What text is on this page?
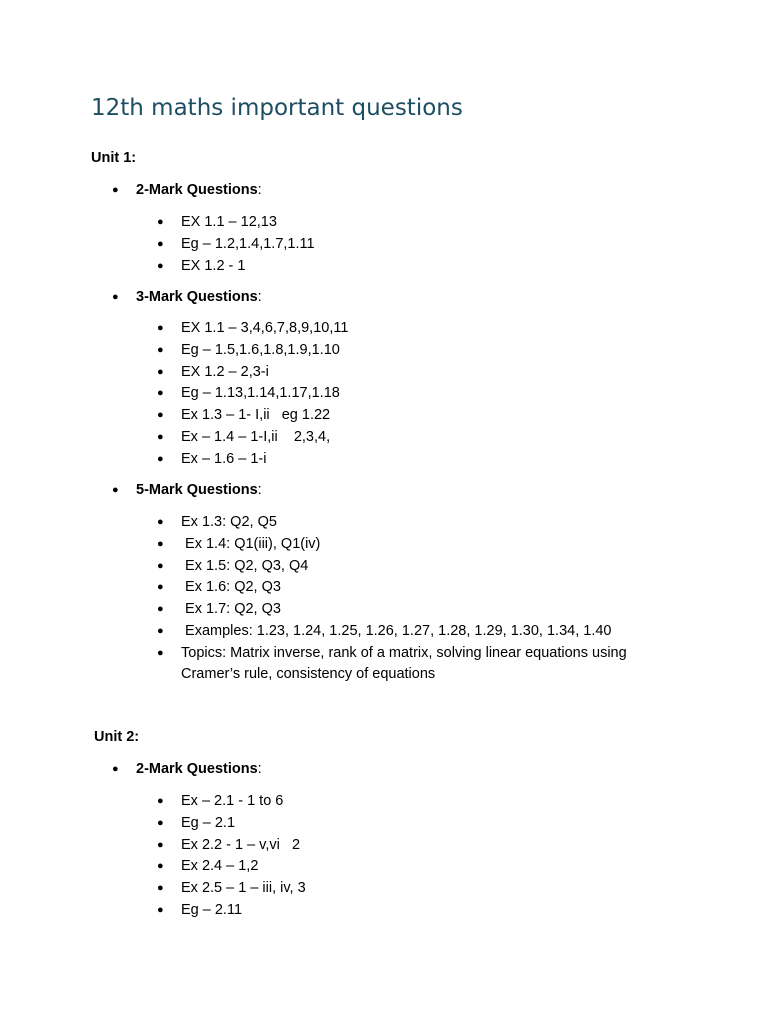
12th maths important questions

Unit 1:

●	2-Mark Questions:
●	EX 1.1 – 12,13
●	Eg – 1.2,1.4,1.7,1.11
●	EX 1.2 - 1
●	3-Mark Questions:
●	EX 1.1 – 3,4,6,7,8,9,10,11
●	Eg – 1.5,1.6,1.8,1.9,1.10
●	EX 1.2 – 2,3-i
●	Eg – 1.13,1.14,1.17,1.18
●	Ex 1.3 – 1- I,ii   eg 1.22
●	Ex – 1.4 – 1-I,ii    2,3,4,
●	Ex – 1.6 – 1-i
●	5-Mark Questions:
●	Ex 1.3: Q2, Q5
●	Ex 1.4: Q1(iii), Q1(iv)
●	Ex 1.5: Q2, Q3, Q4
●	Ex 1.6: Q2, Q3
●	Ex 1.7: Q2, Q3
●	Examples: 1.23, 1.24, 1.25, 1.26, 1.27, 1.28, 1.29, 1.30, 1.34, 1.40
●	Topics: Matrix inverse, rank of a matrix, solving linear equations using Cramer’s rule, consistency of equations

Unit 2:

●	2-Mark Questions:
●	Ex – 2.1 - 1 to 6
●	Eg – 2.1
●	Ex 2.2 - 1 – v,vi   2
●	Ex 2.4 – 1,2
●	Ex 2.5 – 1 – iii, iv, 3
●	Eg – 2.11
